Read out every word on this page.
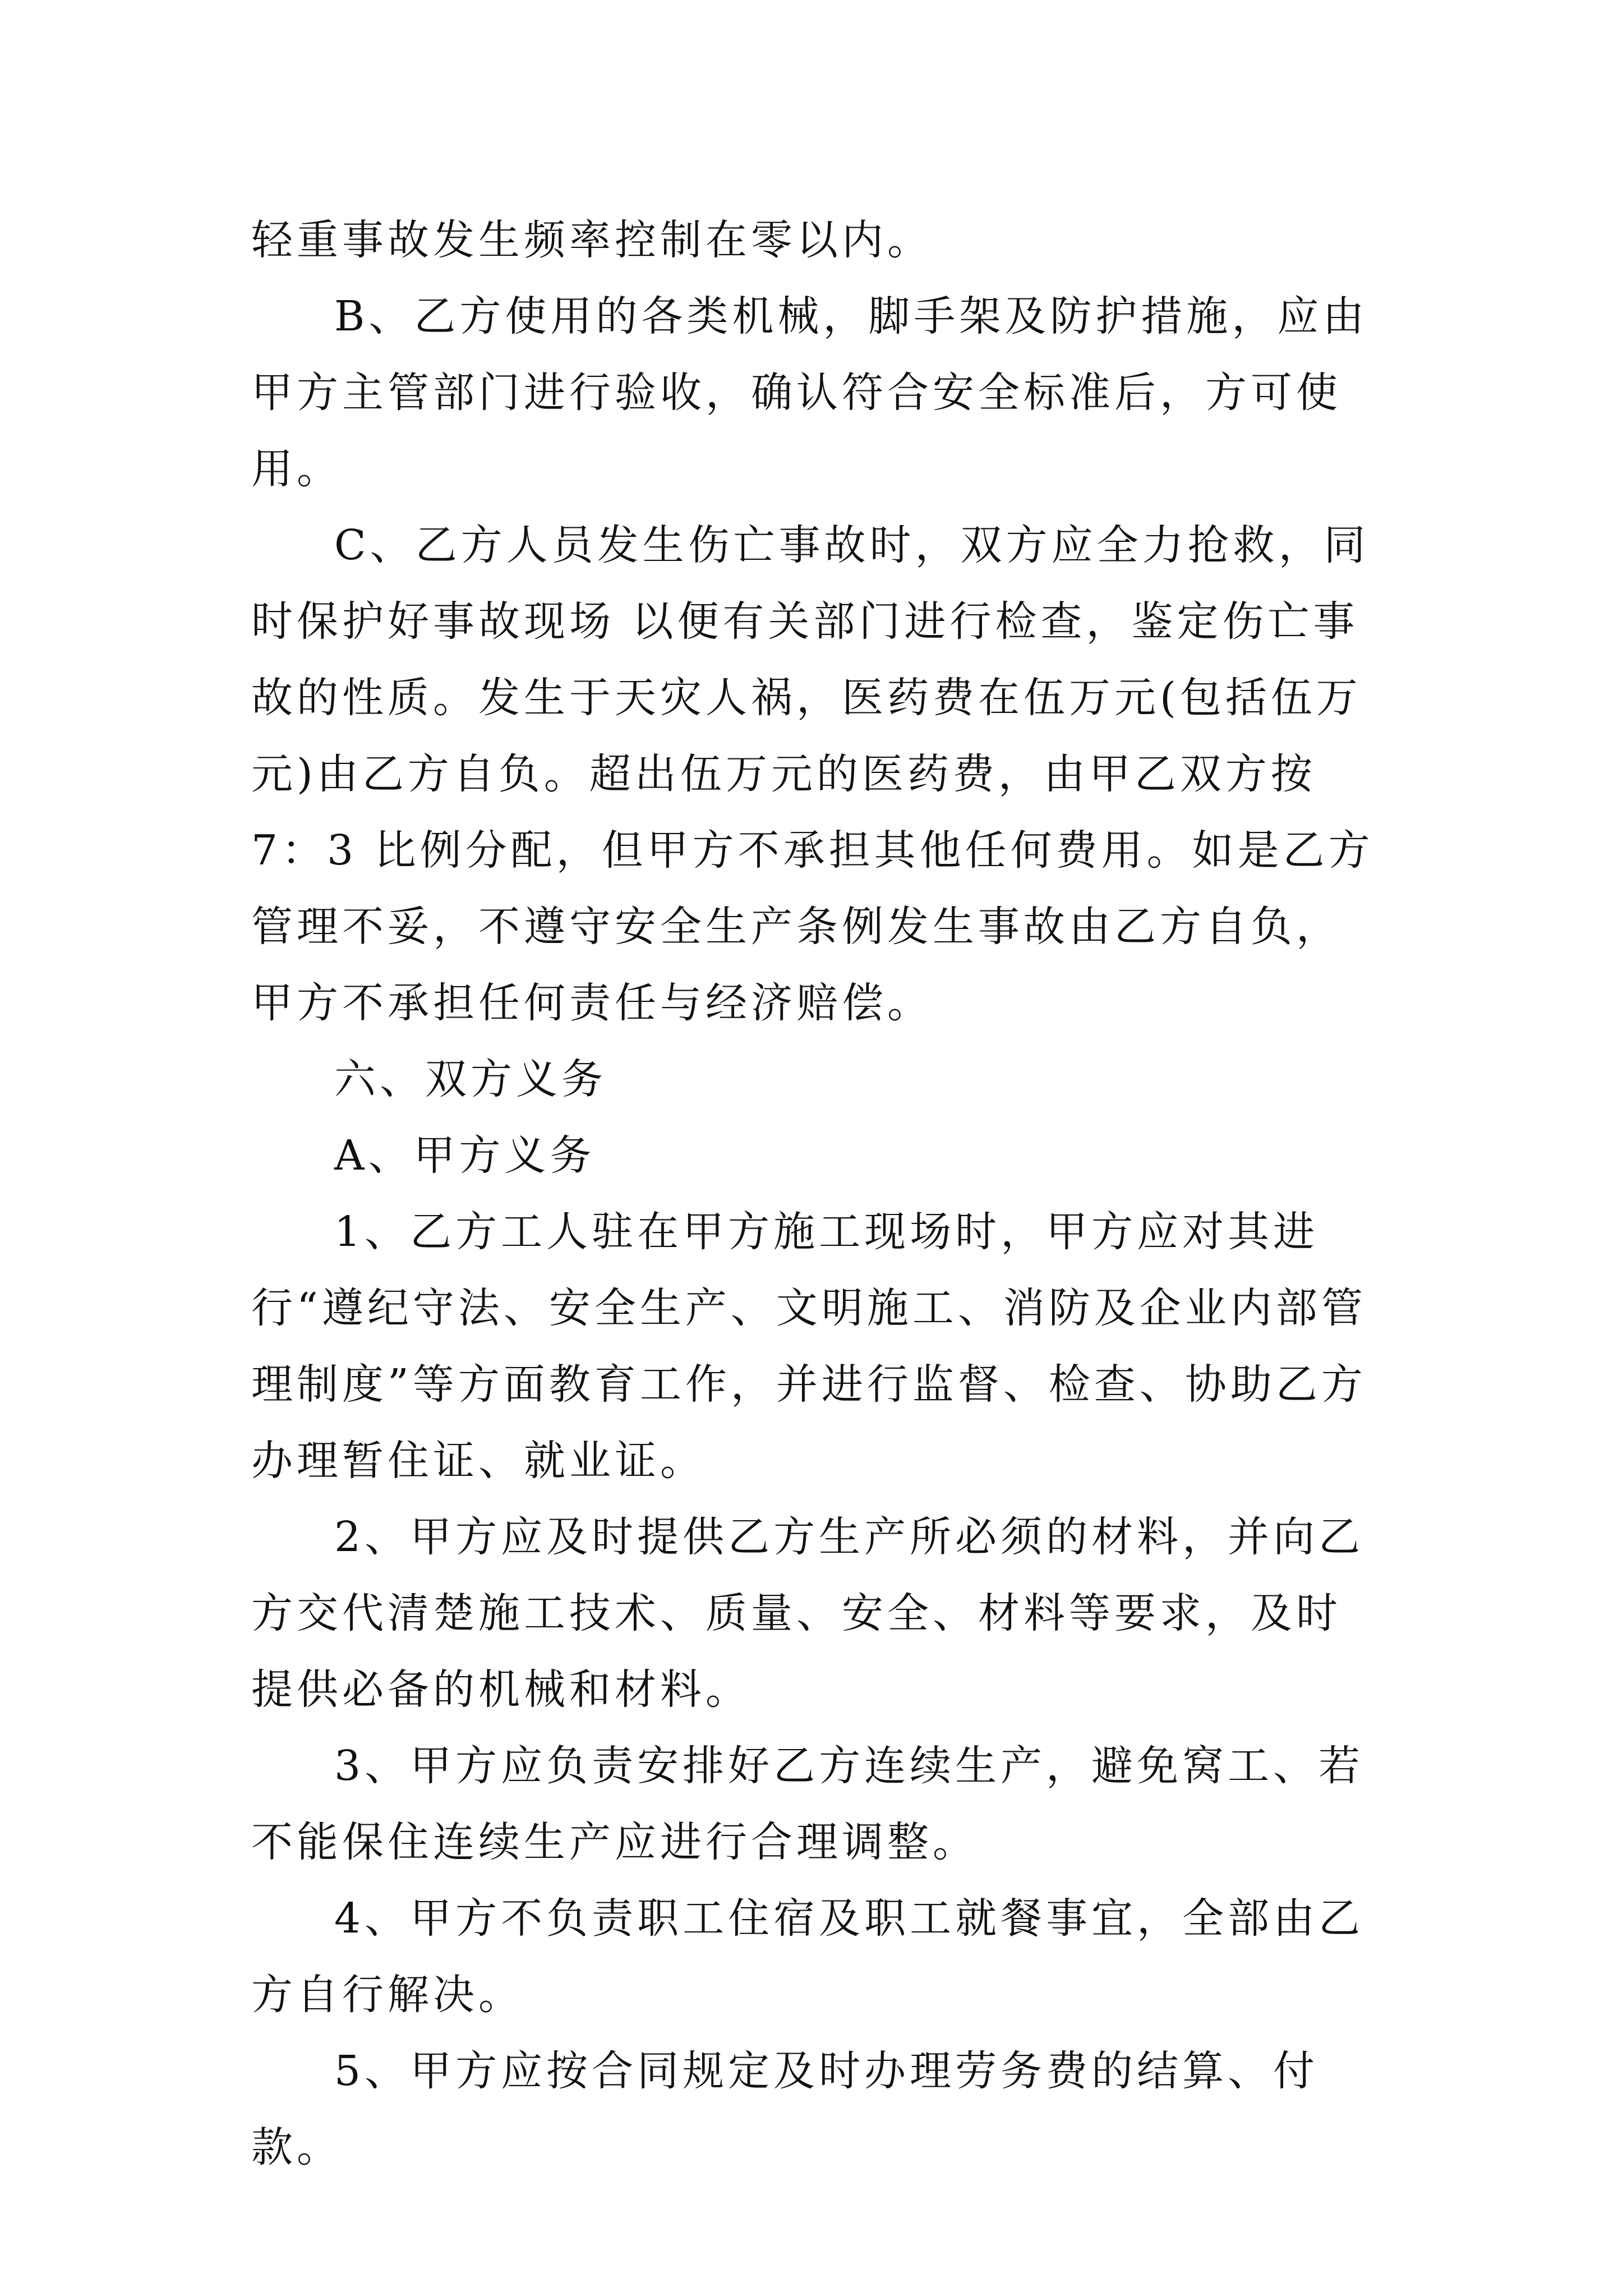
轻重事故发生频率控制在零以内。

B、乙方使用的各类机械，脚手架及防护措施，应由甲方主管部门进行验收，确认符合安全标准后，方可使用。

C、乙方人员发生伤亡事故时，双方应全力抢救，同时保护好事故现场 以便有关部门进行检查，鉴定伤亡事故的性质。发生于天灾人祸，医药费在伍万元(包括伍万元)由乙方自负。超出伍万元的医药费，由甲乙双方按 7：3 比例分配，但甲方不承担其他任何费用。如是乙方管理不妥，不遵守安全生产条例发生事故由乙方自负，甲方不承担任何责任与经济赔偿。

六、双方义务

A、甲方义务

1、乙方工人驻在甲方施工现场时，甲方应对其进行“遵纪守法、安全生产、文明施工、消防及企业内部管理制度”等方面教育工作，并进行监督、检查、协助乙方办理暂住证、就业证。

2、甲方应及时提供乙方生产所必须的材料，并向乙方交代清楚施工技术、质量、安全、材料等要求，及时提供必备的机械和材料。

3、甲方应负责安排好乙方连续生产，避免窝工、若不能保住连续生产应进行合理调整。

4、甲方不负责职工住宿及职工就餐事宜，全部由乙方自行解决。

5、甲方应按合同规定及时办理劳务费的结算、付款。
